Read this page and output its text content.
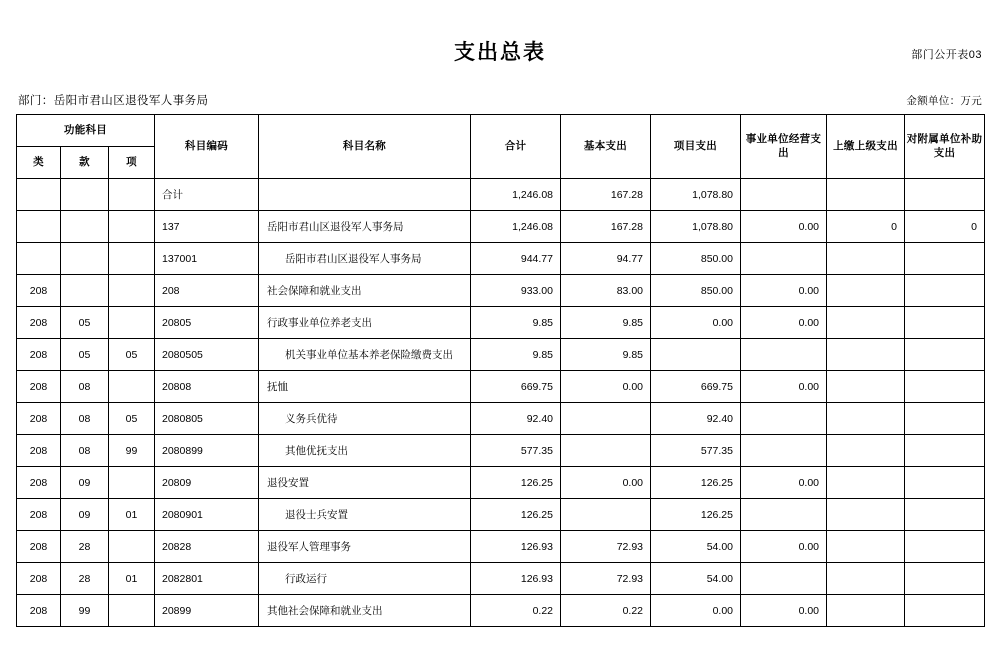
部门公开表03
支出总表
部门：岳阳市君山区退役军人事务局	金额单位：万元
功能科目			科目编码	科目名称	合计	基本支出	项目支出	事业单位经营支出	上缴上级支出	对附属单位补助支出
类	款	项								

			合计		1,246.08	167.28	1,078.80			

			137	岳阳市君山区退役军人事务局	1,246.08	167.28	1,078.80	0.00	0	0

			137001	岳阳市君山区退役军人事务局	944.77	94.77	850.00			

208			208	社会保障和就业支出	933.00	83.00	850.00	0.00		

208	05		20805	行政事业单位养老支出	9.85	9.85	0.00	0.00		

208	05	05	2080505	机关事业单位基本养老保险缴费支出	9.85	9.85				

208	08		20808	抚恤	669.75	0.00	669.75	0.00		

208	08	05	2080805	义务兵优待	92.40		92.40			

208	08	99	2080899	其他优抚支出	577.35		577.35			

208	09		20809	退役安置	126.25	0.00	126.25	0.00		

208	09	01	2080901	退役士兵安置	126.25		126.25			

208	28		20828	退役军人管理事务	126.93	72.93	54.00	0.00		

208	28	01	2082801	行政运行	126.93	72.93	54.00			

208	99		20899	其他社会保障和就业支出	0.22	0.22	0.00	0.00		
